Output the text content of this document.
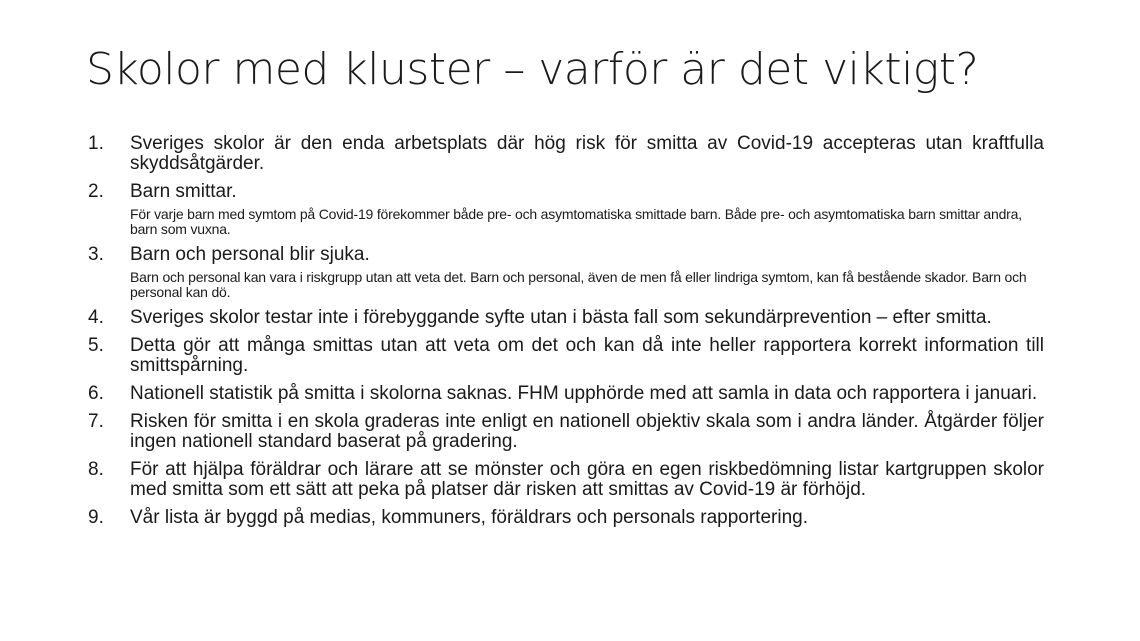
Skolor med kluster – varför är det viktigt?
1. Sveriges skolor är den enda arbetsplats där hög risk för smitta av Covid-19 accepteras utan kraftfulla skyddsåtgärder.
2. Barn smittar.
För varje barn med symtom på Covid-19 förekommer både pre- och asymtomatiska smittade barn. Både pre- och asymtomatiska barn smittar andra, barn som vuxna.
3. Barn och personal blir sjuka.
Barn och personal kan vara i riskgrupp utan att veta det. Barn och personal, även de men få eller lindriga symtom, kan få bestående skador. Barn och personal kan dö.
4. Sveriges skolor testar inte i förebyggande syfte utan i bästa fall som sekundärprevention – efter smitta.
5. Detta gör att många smittas utan att veta om det och kan då inte heller rapportera korrekt information till smittspårning.
6. Nationell statistik på smitta i skolorna saknas. FHM upphörde med att samla in data och rapportera i januari.
7. Risken för smitta i en skola graderas inte enligt en nationell objektiv skala som i andra länder. Åtgärder följer ingen nationell standard baserat på gradering.
8. För att hjälpa föräldrar och lärare att se mönster och göra en egen riskbedömning listar kartgruppen skolor med smitta som ett sätt att peka på platser där risken att smittas av Covid-19 är förhöjd.
9. Vår lista är byggd på medias, kommuners, föräldrars och personals rapportering.
